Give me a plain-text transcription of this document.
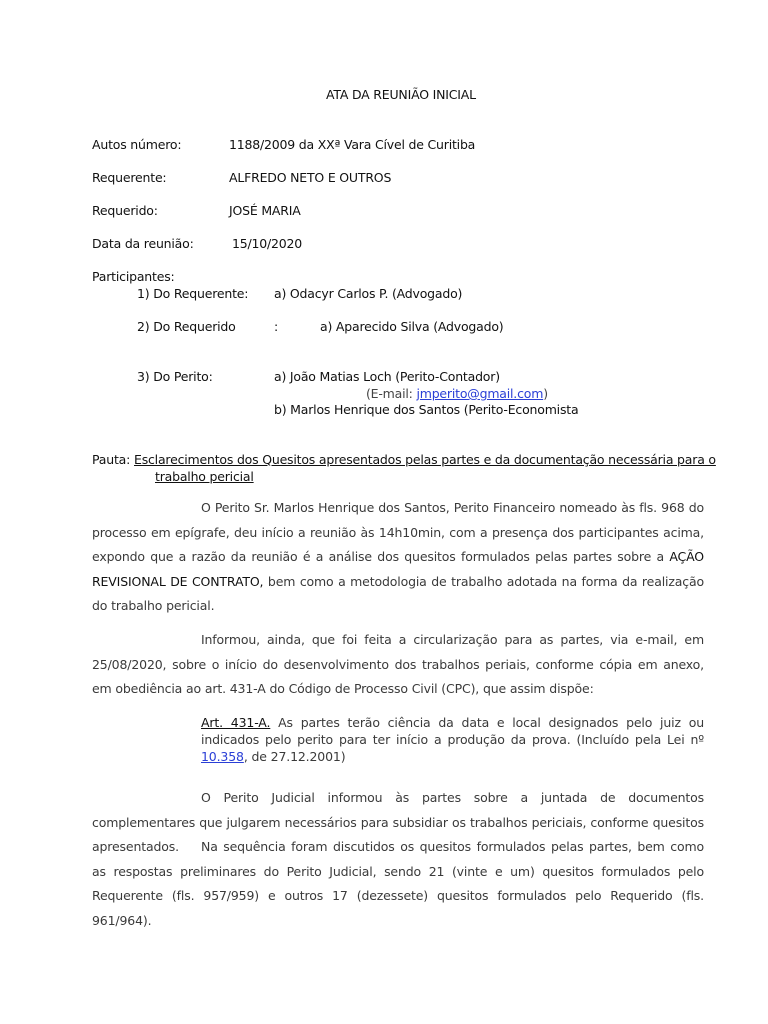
ATA DA REUNIÃO INICIAL
Autos número:	1188/2009 da XXª Vara Cível de Curitiba
Requerente:	ALFREDO NETO E OUTROS
Requerido:	JOSÉ MARIA
Data da reunião:	15/10/2020
Participantes:
1) Do Requerente: a) Odacyr Carlos P. (Advogado)
2) Do Requerido	:	a) Aparecido Silva (Advogado)
3) Do Perito:	a) João Matias Loch (Perito-Contador)
(E-mail: jmperito@gmail.com)
b) Marlos Henrique dos Santos (Perito-Economista
Pauta: Esclarecimentos dos Quesitos apresentados pelas partes e da documentação necessária para o
trabalho pericial
O Perito Sr. Marlos Henrique dos Santos, Perito Financeiro nomeado às fls. 968 do processo em epígrafe, deu início a reunião às 14h10min, com a presença dos participantes acima, expondo que a razão da reunião é a análise dos quesitos formulados pelas partes sobre a AÇÃO REVISIONAL DE CONTRATO, bem como a metodologia de trabalho adotada na forma da realização do trabalho pericial.
Informou, ainda, que foi feita a circularização para as partes, via e-mail, em 25/08/2020, sobre o início do desenvolvimento dos trabalhos periais, conforme cópia em anexo, em obediência ao art. 431-A do Código de Processo Civil (CPC), que assim dispõe:
Art. 431-A. As partes terão ciência da data e local designados pelo juiz ou indicados pelo perito para ter início a produção da prova. (Incluído pela Lei nº 10.358, de 27.12.2001)
O Perito Judicial informou às partes sobre a juntada de documentos complementares que julgarem necessários para subsidiar os trabalhos periciais, conforme quesitos apresentados.	Na sequência foram discutidos os quesitos formulados pelas partes, bem como as respostas preliminares do Perito Judicial, sendo 21 (vinte e um) quesitos formulados pelo Requerente (fls. 957/959) e outros 17 (dezessete) quesitos formulados pelo Requerido (fls. 961/964).
